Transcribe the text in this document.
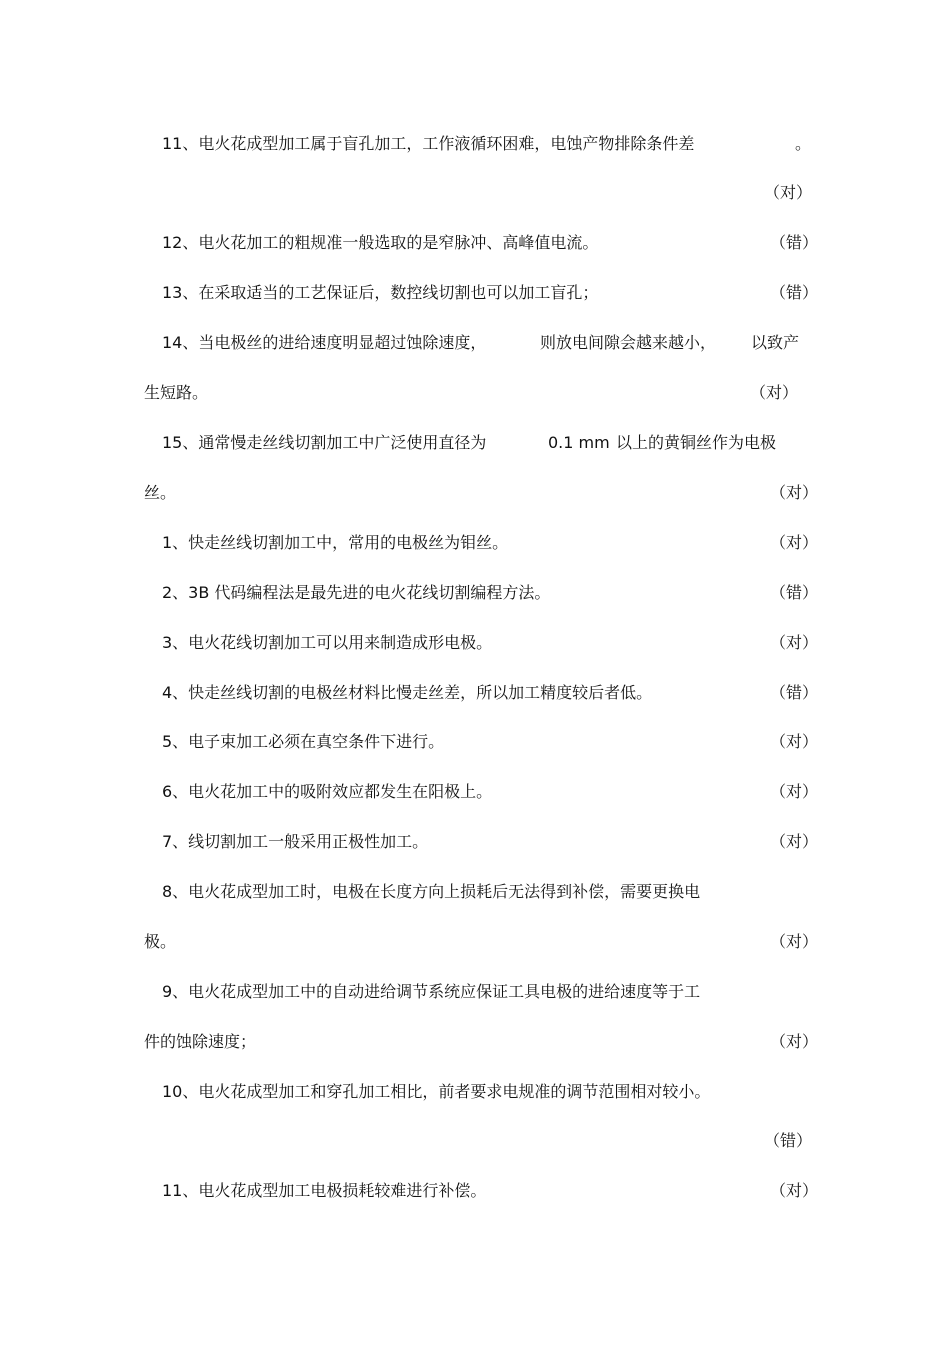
11、电火花成型加工属于盲孔加工，工作液循环困难，电蚀产物排除条件差	。
（对）
12、电火花加工的粗规准一般选取的是窄脉冲、高峰值电流。	（错）
13、在采取适当的工艺保证后，数控线切割也可以加工盲孔；	（错）
14、当电极丝的进给速度明显超过蚀除速度，	则放电间隙会越来越小， 以致产
生短路。	（对）
15、通常慢走丝线切割加工中广泛使用直径为	0.1 mm 以上的黄铜丝作为电极
丝。	（对）
1、快走丝线切割加工中，常用的电极丝为钼丝。	（对）
2、3B 代码编程法是最先进的电火花线切割编程方法。	（错）
3、电火花线切割加工可以用来制造成形电极。	（对）
4、快走丝线切割的电极丝材料比慢走丝差，所以加工精度较后者低。	（错）
5、电子束加工必须在真空条件下进行。	（对）
6、电火花加工中的吸附效应都发生在阳极上。	（对）
7、线切割加工一般采用正极性加工。	（对）
8、电火花成型加工时，电极在长度方向上损耗后无法得到补偿，需要更换电
极。	（对）
9、电火花成型加工中的自动进给调节系统应保证工具电极的进给速度等于工
件的蚀除速度；	（对）
10、电火花成型加工和穿孔加工相比，前者要求电规准的调节范围相对较小。
（错）
11、电火花成型加工电极损耗较难进行补偿。	（对）
